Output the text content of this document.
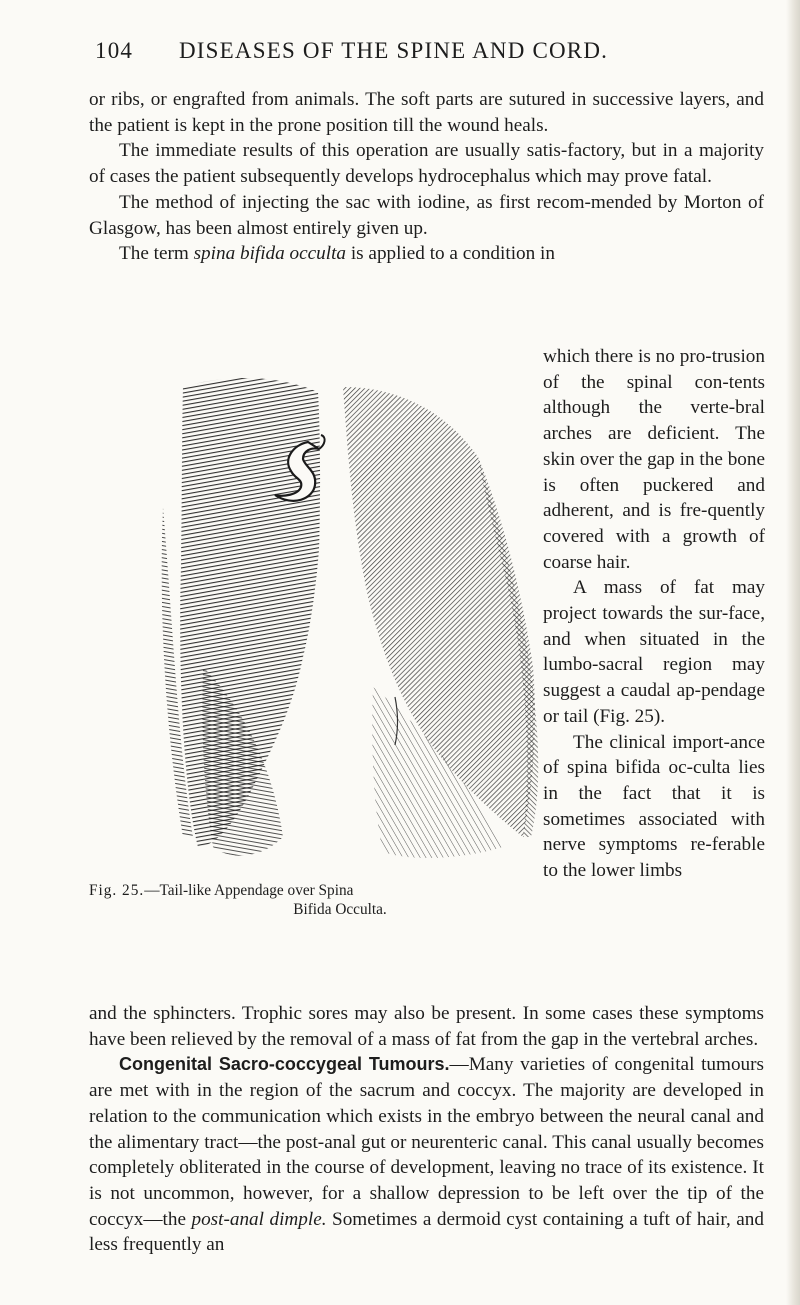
104 DISEASES OF THE SPINE AND CORD.

or ribs, or engrafted from animals. The soft parts are sutured in successive layers, and the patient is kept in the prone position till the wound heals.

The immediate results of this operation are usually satis-factory, but in a majority of cases the patient subsequently develops hydrocephalus which may prove fatal.

The method of injecting the sac with iodine, as first recom-mended by Morton of Glasgow, has been almost entirely given up.

The term spina bifida occulta is applied to a condition in

Fig. 25.—Tail-like Appendage over Spina
Bifida Occulta.

which there is no pro-trusion of the spinal con-tents although the verte-bral arches are deficient. The skin over the gap in the bone is often puckered and adherent, and is fre-quently covered with a growth of coarse hair.

A mass of fat may project towards the sur-face, and when situated in the lumbo-sacral region may suggest a caudal ap-pendage or tail (Fig. 25).

The clinical import-ance of spina bifida oc-culta lies in the fact that it is sometimes associated with nerve symptoms re-ferable to the lower limbs

and the sphincters. Trophic sores may also be present. In some cases these symptoms have been relieved by the removal of a mass of fat from the gap in the vertebral arches.

Congenital Sacro-coccygeal Tumours.—Many varieties of congenital tumours are met with in the region of the sacrum and coccyx. The majority are developed in relation to the communication which exists in the embryo between the neural canal and the alimentary tract—the post-anal gut or neurenteric canal. This canal usually becomes completely obliterated in the course of development, leaving no trace of its existence. It is not uncommon, however, for a shallow depression to be left over the tip of the coccyx—the post-anal dimple. Sometimes a dermoid cyst containing a tuft of hair, and less frequently an
